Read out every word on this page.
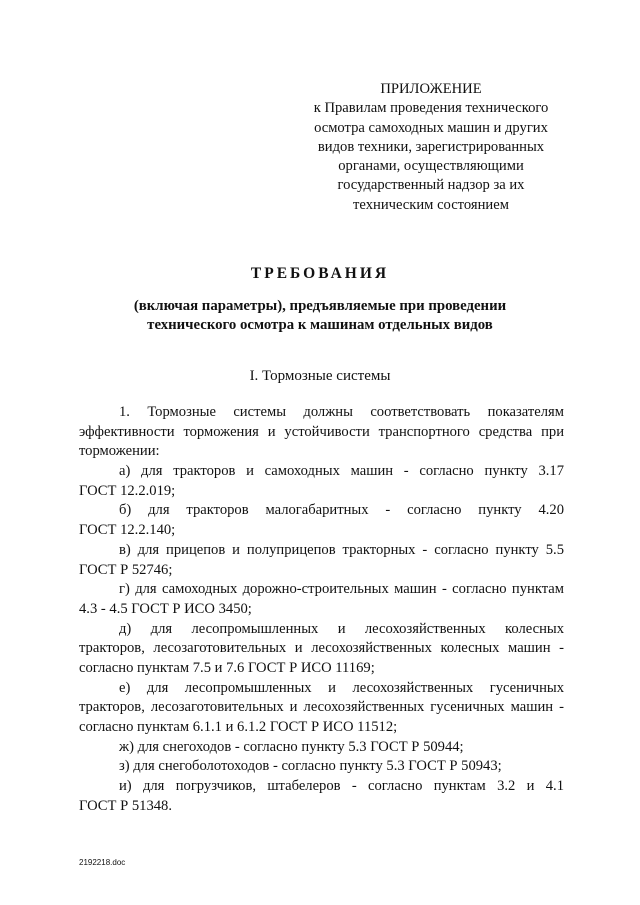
ПРИЛОЖЕНИЕ
к Правилам проведения технического
осмотра самоходных машин и других
видов техники, зарегистрированных
органами, осуществляющими
государственный надзор за их
техническим состоянием
ТРЕБОВАНИЯ
(включая параметры), предъявляемые при проведении
технического осмотра к машинам отдельных видов
I. Тормозные системы
1. Тормозные системы должны соответствовать показателям
эффективности торможения и устойчивости транспортного средства при
торможении:
а) для тракторов и самоходных машин - согласно пункту 3.17
ГОСТ 12.2.019;
б) для тракторов малогабаритных - согласно пункту 4.20
ГОСТ 12.2.140;
в) для прицепов и полуприцепов тракторных - согласно пункту 5.5
ГОСТ Р 52746;
г) для самоходных дорожно-строительных машин - согласно пунктам
4.3 - 4.5 ГОСТ Р ИСО 3450;
д) для лесопромышленных и лесохозяйственных колесных
тракторов, лесозаготовительных и лесохозяйственных колесных машин -
согласно пунктам 7.5 и 7.6 ГОСТ Р ИСО 11169;
е) для лесопромышленных и лесохозяйственных гусеничных
тракторов, лесозаготовительных и лесохозяйственных гусеничных машин -
согласно пунктам 6.1.1 и 6.1.2 ГОСТ Р ИСО 11512;
ж) для снегоходов - согласно пункту 5.3 ГОСТ Р 50944;
з) для снегоболотоходов - согласно пункту 5.3 ГОСТ Р 50943;
и) для погрузчиков, штабелеров - согласно пунктам 3.2 и 4.1
ГОСТ Р 51348.
2192218.doc
